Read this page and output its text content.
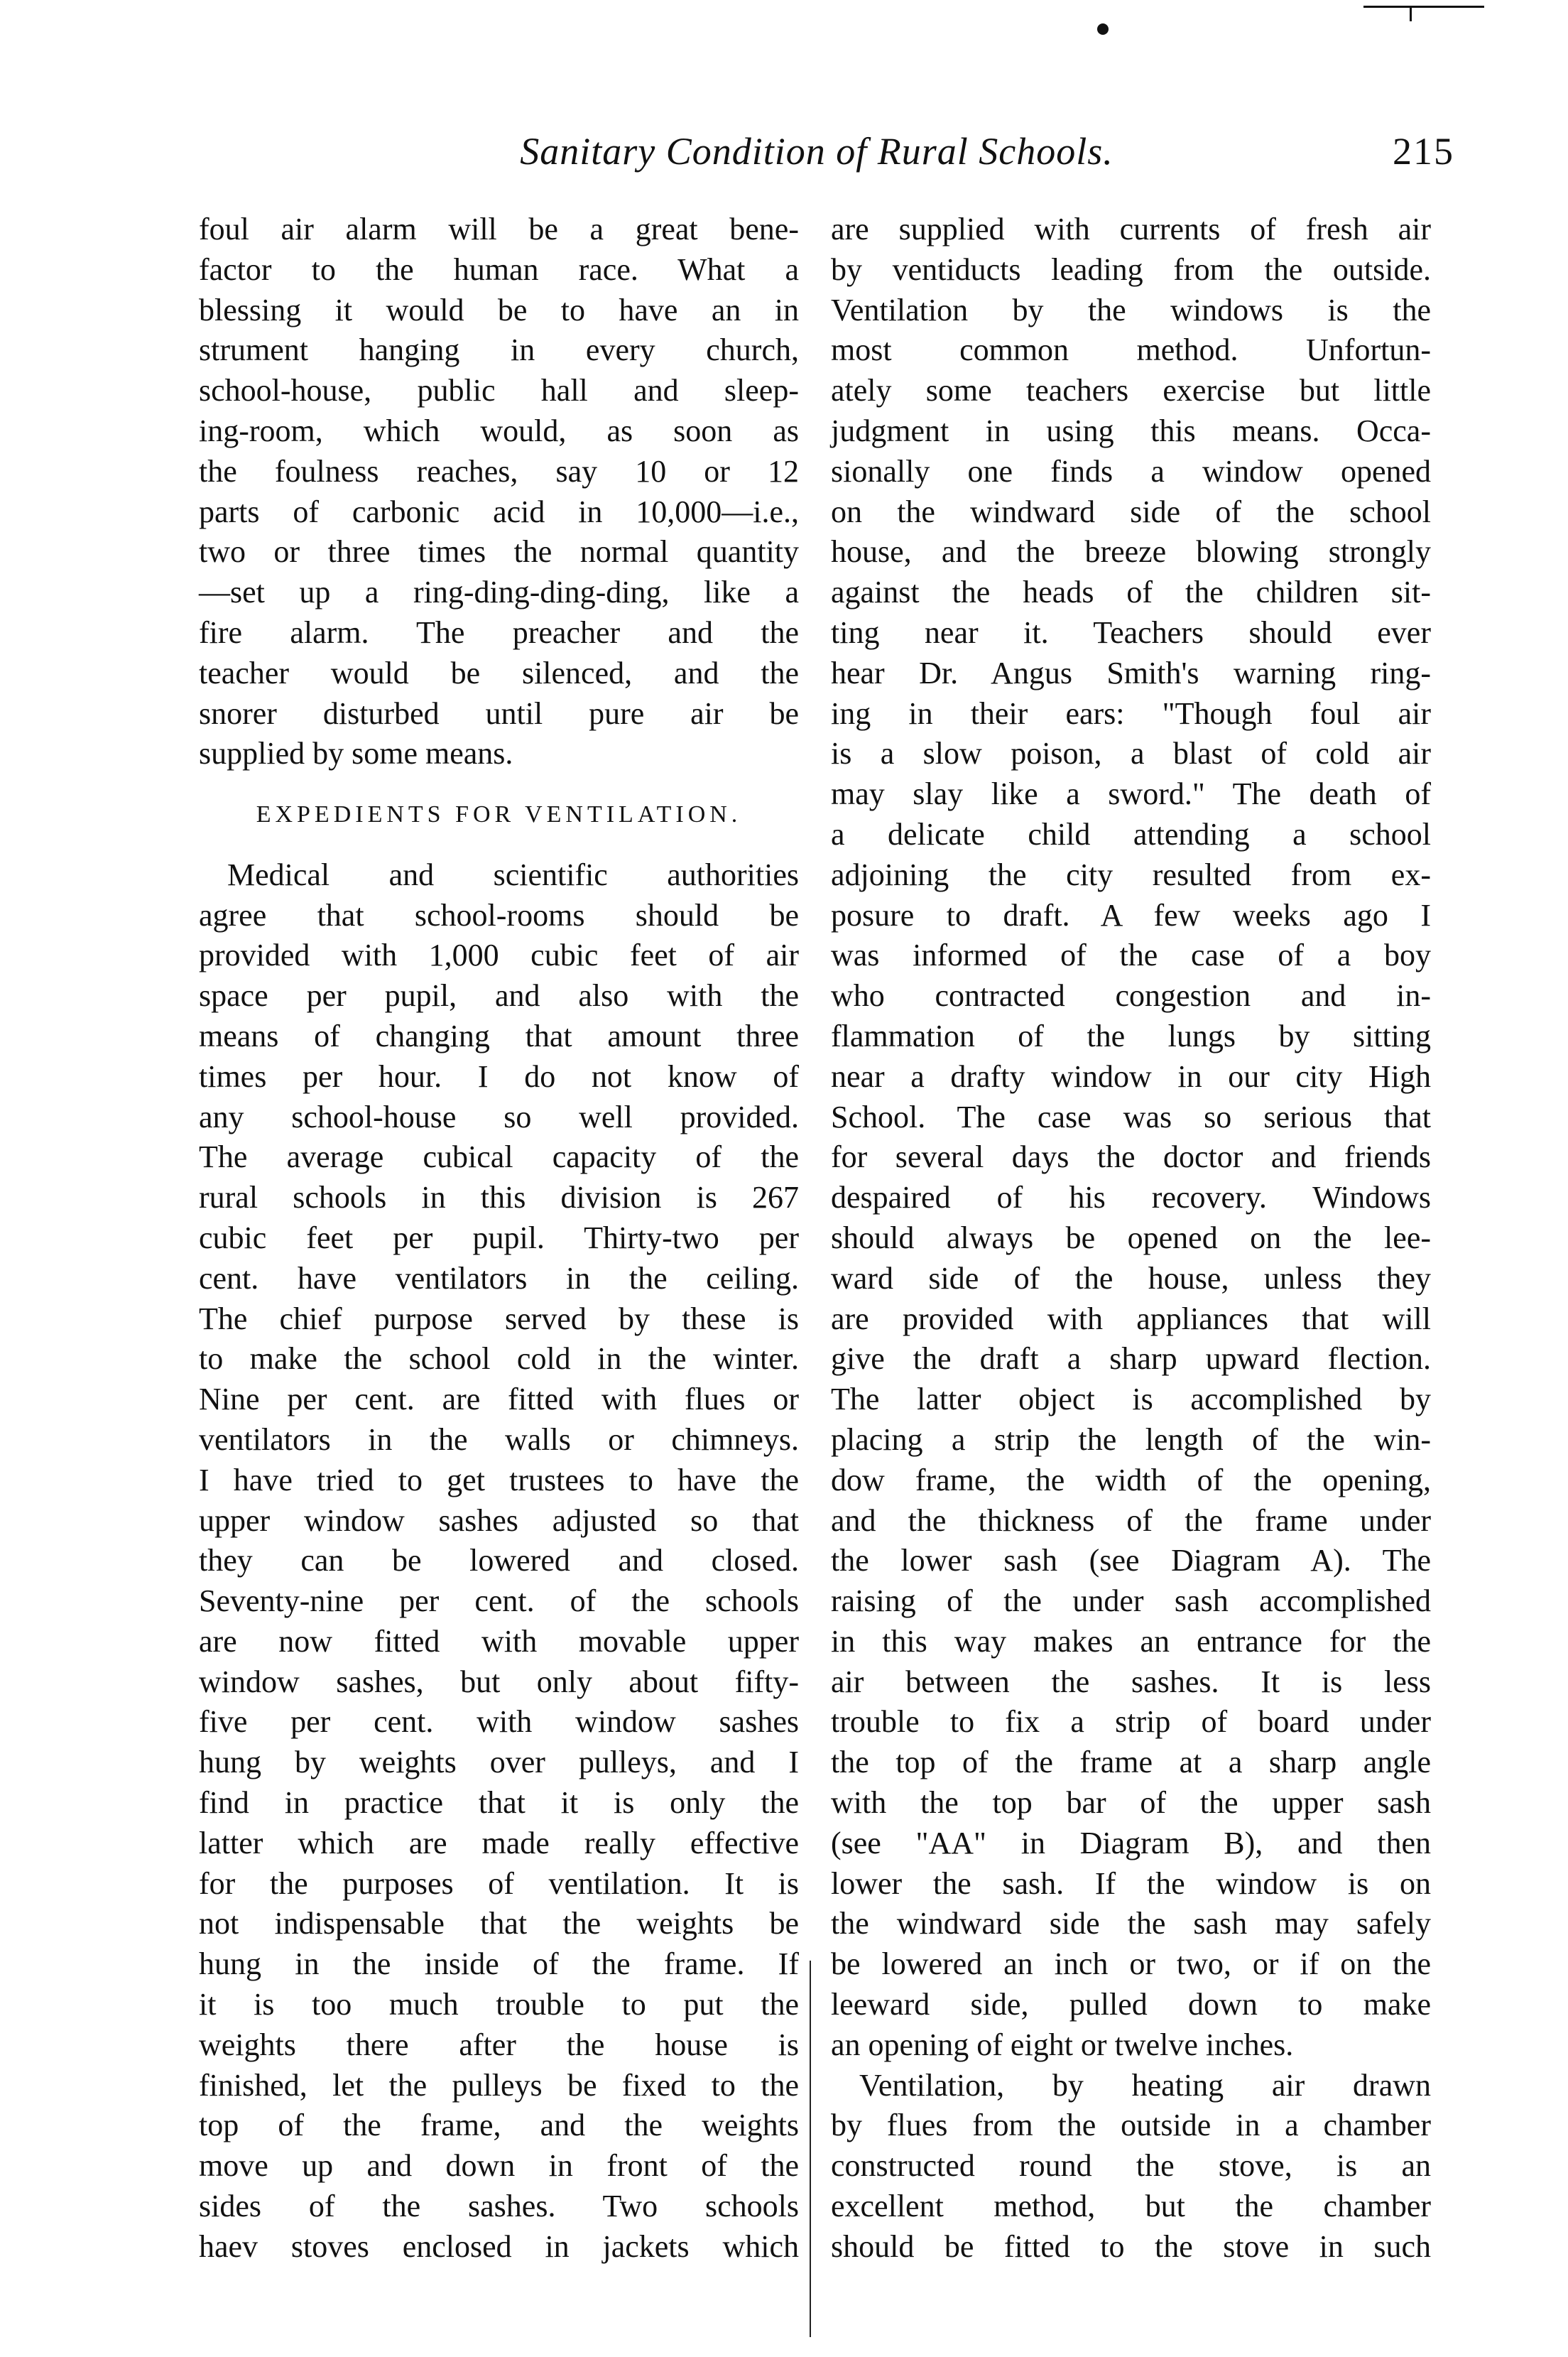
Sanitary Condition of Rural Schools.	215
foul air alarm will be a great bene-
factor to the human race. What a
blessing it would be to have an in
strument hanging in every church,
school-house, public hall and sleep-
ing-room, which would, as soon as
the foulness reaches, say 10 or 12
parts of carbonic acid in 10,000—i.e.,
two or three times the normal quantity
—set up a ring-ding-ding-ding, like a
fire alarm. The preacher and the
teacher would be silenced, and the
snorer disturbed until pure air be
supplied by some means.
EXPEDIENTS FOR VENTILATION.
Medical and scientific authorities
agree that school-rooms should be
provided with 1,000 cubic feet of air
space per pupil, and also with the
means of changing that amount three
times per hour. I do not know of
any school-house so well provided.
The average cubical capacity of the
rural schools in this division is 267
cubic feet per pupil. Thirty-two per
cent. have ventilators in the ceiling.
The chief purpose served by these is
to make the school cold in the winter.
Nine per cent. are fitted with flues or
ventilators in the walls or chimneys.
I have tried to get trustees to have the
upper window sashes adjusted so that
they can be lowered and closed.
Seventy-nine per cent. of the schools
are now fitted with movable upper
window sashes, but only about fifty-
five per cent. with window sashes
hung by weights over pulleys, and I
find in practice that it is only the
latter which are made really effective
for the purposes of ventilation. It is
not indispensable that the weights be
hung in the inside of the frame. If
it is too much trouble to put the
weights there after the house is
finished, let the pulleys be fixed to the
top of the frame, and the weights
move up and down in front of the
sides of the sashes. Two schools
haev stoves enclosed in jackets which
are supplied with currents of fresh air
by ventiducts leading from the outside.
Ventilation by the windows is the
most common method. Unfortun-
ately some teachers exercise but little
judgment in using this means. Occa-
sionally one finds a window opened
on the windward side of the school
house, and the breeze blowing strongly
against the heads of the children sit-
ting near it. Teachers should ever
hear Dr. Angus Smith's warning ring-
ing in their ears: "Though foul air
is a slow poison, a blast of cold air
may slay like a sword." The death of
a delicate child attending a school
adjoining the city resulted from ex-
posure to draft. A few weeks ago I
was informed of the case of a boy
who contracted congestion and in-
flammation of the lungs by sitting
near a drafty window in our city High
School. The case was so serious that
for several days the doctor and friends
despaired of his recovery. Windows
should always be opened on the lee-
ward side of the house, unless they
are provided with appliances that will
give the draft a sharp upward flection.
The latter object is accomplished by
placing a strip the length of the win-
dow frame, the width of the opening,
and the thickness of the frame under
the lower sash (see Diagram A). The
raising of the under sash accomplished
in this way makes an entrance for the
air between the sashes. It is less
trouble to fix a strip of board under
the top of the frame at a sharp angle
with the top bar of the upper sash
(see "AA" in Diagram B), and then
lower the sash. If the window is on
the windward side the sash may safely
be lowered an inch or two, or if on the
leeward side, pulled down to make
an opening of eight or twelve inches.
Ventilation, by heating air drawn
by flues from the outside in a chamber
constructed round the stove, is an
excellent method, but the chamber
should be fitted to the stove in such
